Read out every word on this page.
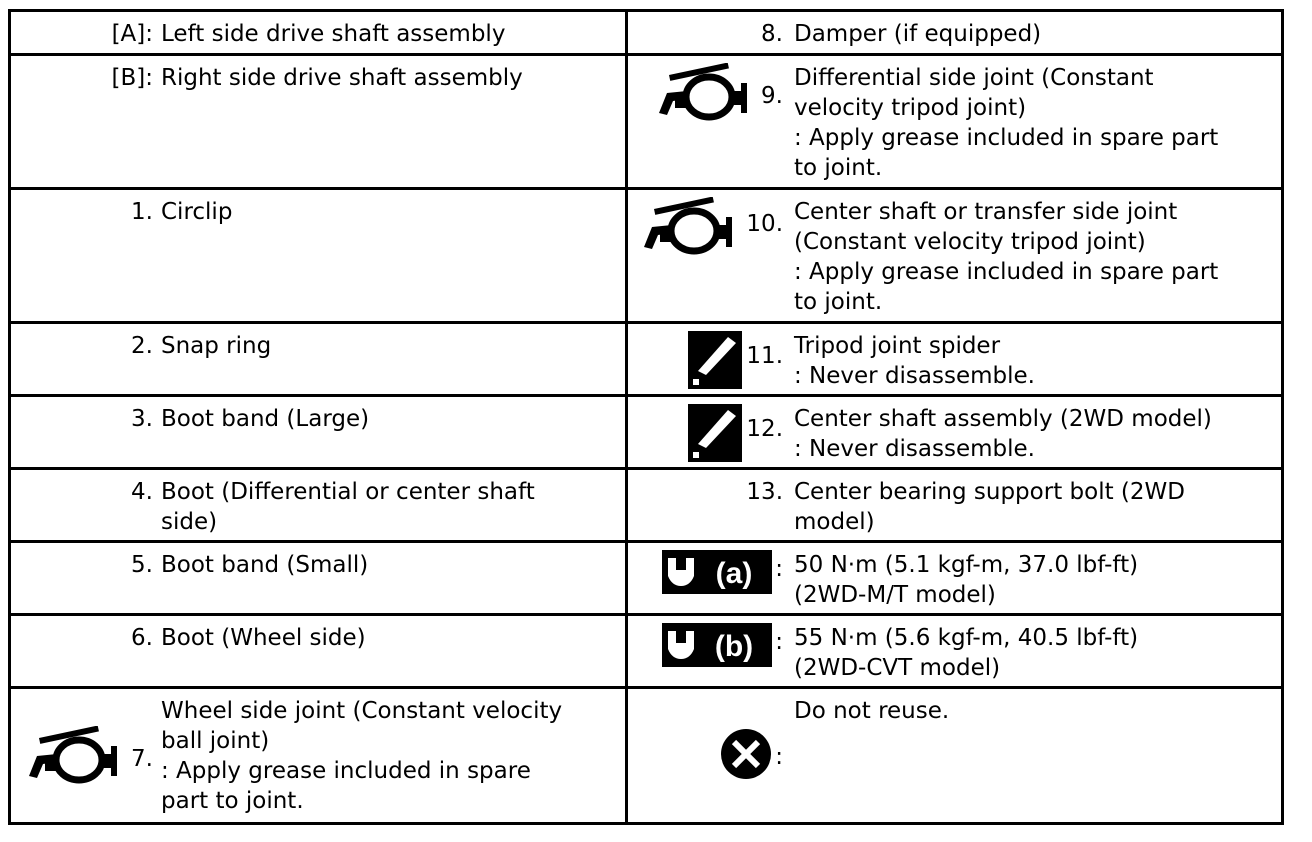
[A]: Left side drive shaft assembly	8. Damper (if equipped)

[B]: Right side drive shaft assembly	9.
Differential side joint (Constant
velocity tripod joint)
: Apply grease included in spare part
to joint.

1. Circlip	10. Center shaft or transfer side joint
(Constant velocity tripod joint)
: Apply grease included in spare part
to joint.

2. Snap ring	11. Tripod joint spider
: Never disassemble.

3. Boot band (Large)	12. Center shaft assembly (2WD model)
: Never disassemble.

4. Boot (Differential or center shaft
side)	13. Center bearing support bolt (2WD
model)

5. Boot band (Small)	(a) : 50 N·m (5.1 kgf-m, 37.0 lbf-ft)
(2WD-M/T model)

6. Boot (Wheel side)	(b) : 55 N·m (5.6 kgf-m, 40.5 lbf-ft)
(2WD-CVT model)

7.
Wheel side joint (Constant velocity
ball joint)
: Apply grease included in spare
part to joint.	:
Do not reuse.
